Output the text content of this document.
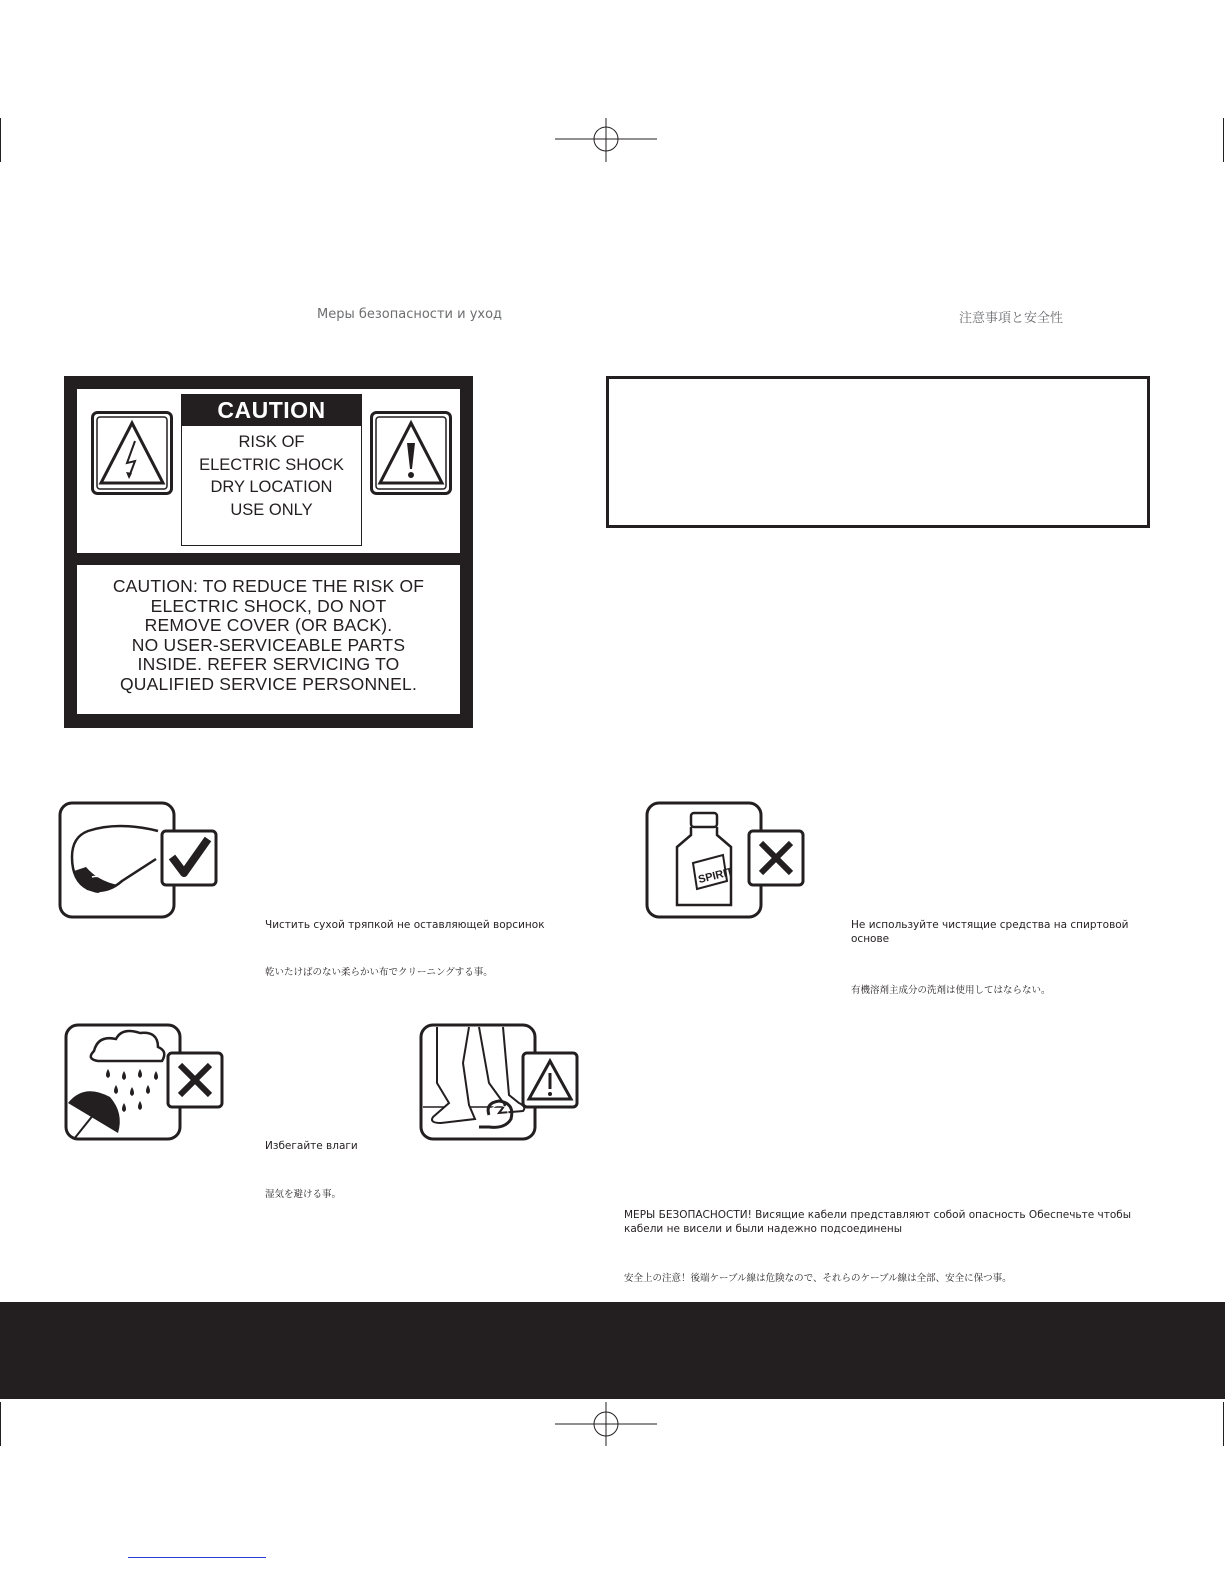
Меры безопасности и уход	注意事項と安全性
CAUTION: TO REDUCE THE RISK OF
ELECTRIC SHOCK, DO NOT
REMOVE COVER (OR BACK).
NO USER-SERVICEABLE PARTS
INSIDE. REFER SERVICING TO
QUALIFIED SERVICE PERSONNEL.
CAUTION
RISK OF
ELECTRIC SHOCK
DRY LOCATION
USE ONLY
Чистить сухой тряпкой не оставляющей ворсинок
乾いたけばのない柔らかい布でクリーニングする事。
SPIRIT
Не используйте чистящие средства на спиртовой
основе
有機溶剤主成分の洗剤は使用してはならない。
Избегайте влаги
湿気を避ける事。
МЕРЫ БЕЗОПАСНОСТИ! Висящие кабели представляют собой опасность Обеспечьте чтобы
кабели не висели и были надежно подсоединены
安全上の注意！後端ケーブル線は危険なので、それらのケーブル線は全部、安全に保つ事。
